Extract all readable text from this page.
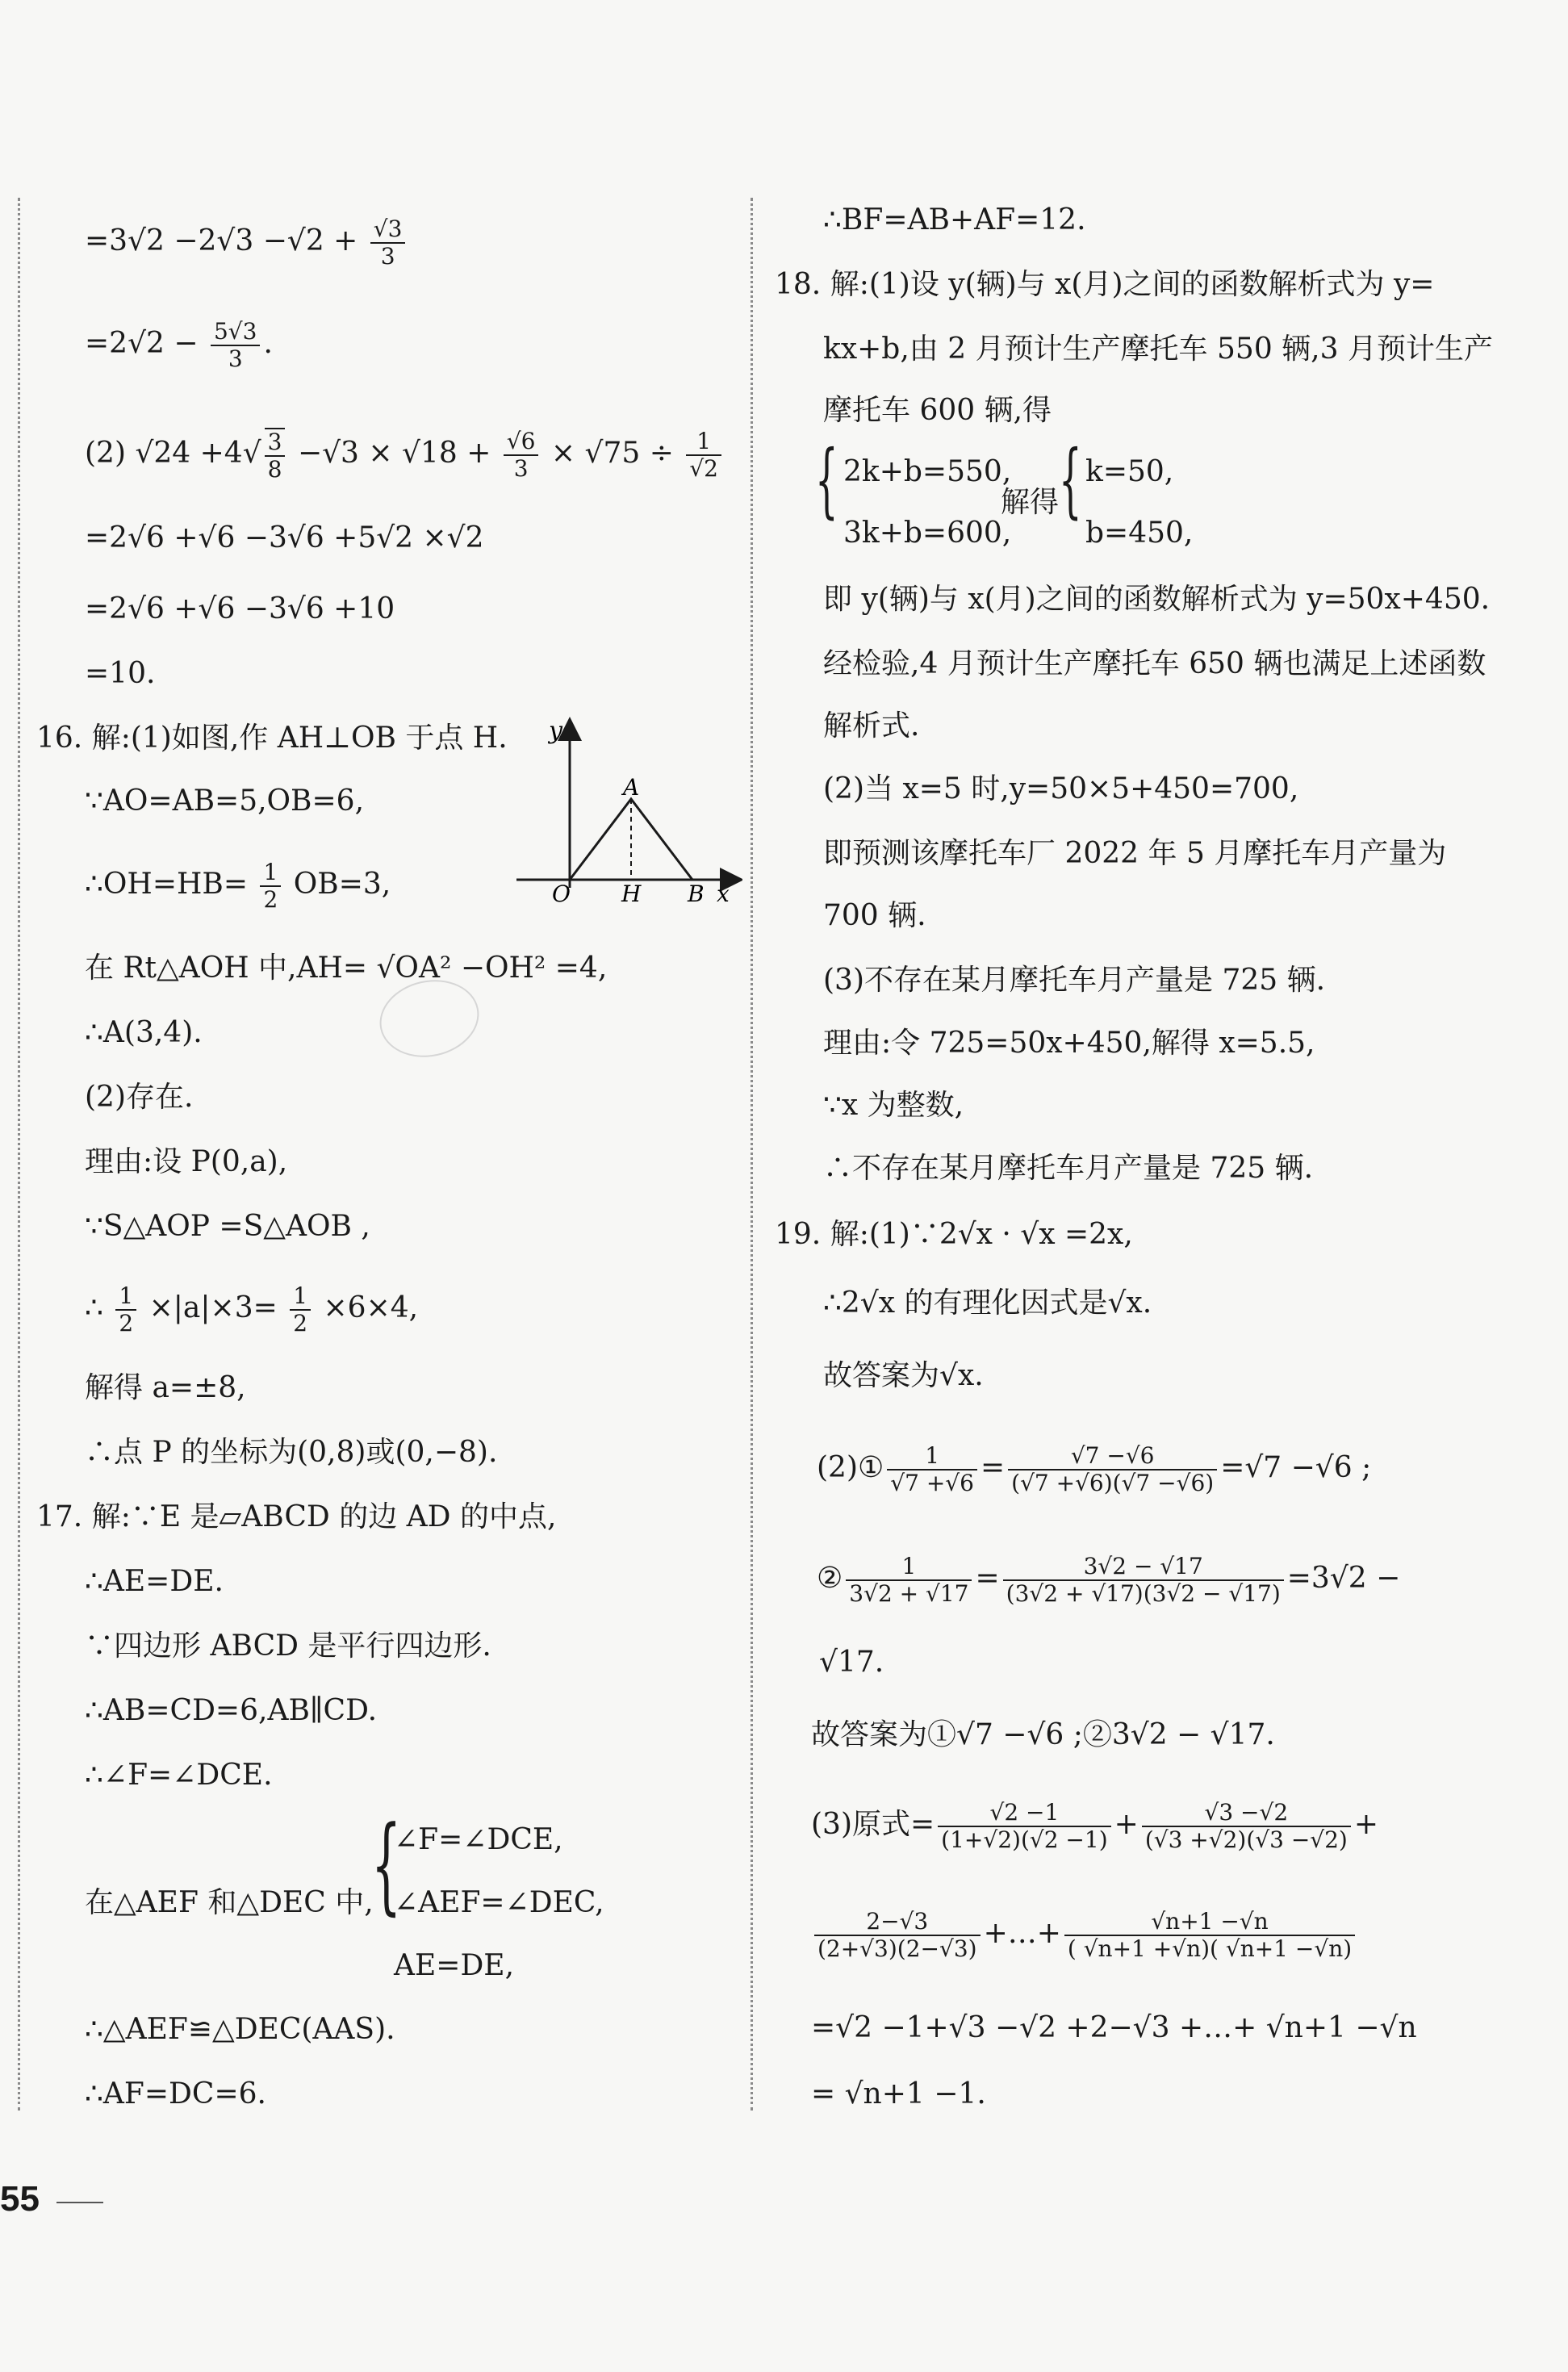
$=3√2 -2√3 -√2 + \frac{√3}{3}$
$=2√2 - \frac{5√3}{3}$ .
(2) $√24 +4√ \frac{3}{8} -√3 \times √18 + \frac{√6}{3} \times √75 \div \frac{1}{√2}$
=2√6 +√6 −3√6 +5√2 ×√2
=2√6 +√6 −3√6 +10
=10.
16. 解:(1)如图,作 AH⊥OB 于点 H.
∵AO=AB=5,OB=6,
∴OH=HB= $\frac{1}{2} OB=3$,
y
x
O H B
A
在 Rt△AOH 中,AH= √OA² −OH² =4,
∴A(3,4).
(2)存在.
理由:设 P(0,a),
∵S△AOP =S△AOB ,
∴ $\frac{1}{2} \times|a|\times 3= \frac{1}{2} \times 6\times 4$,
解得 a=±8,
∴点 P 的坐标为(0,8)或(0,−8).
17. 解:∵E 是▱ABCD 的边 AD 的中点,
∴AE=DE.
∵四边形 ABCD 是平行四边形.
∴AB=CD=6,AB∥CD.
∴∠F=∠DCE.
在△AEF 和△DEC 中,
{
∠F=∠DCE,
∠AEF=∠DEC,
AE=DE,
∴△AEF≌△DEC(AAS).
∴AF=DC=6.
∴BF=AB+AF=12.
18. 解:(1)设 y(辆)与 x(月)之间的函数解析式为 y=
kx+b,由 2 月预计生产摩托车 550 辆,3 月预计生产
摩托车 600 辆,得
{ 2k+b=550,
3k+b=600,
解得 { k=50,
b=450,
即 y(辆)与 x(月)之间的函数解析式为 y=50x+450.
经检验,4 月预计生产摩托车 650 辆也满足上述函数
解析式.
(2)当 x=5 时,y=50×5+450=700,
即预测该摩托车厂 2022 年 5 月摩托车月产量为
700 辆.
(3)不存在某月摩托车月产量是 725 辆.
理由:令 725=50x+450,解得 x=5.5,
∵x 为整数,
∴不存在某月摩托车月产量是 725 辆.
19. 解:(1)∵2√x · √x =2x,
∴2√x 的有理化因式是√x.
故答案为√x.
(2)① $\frac{1}{√7 +√6} = \frac{√7 -√6}{(√7 +√6)(√7 -√6)} =√7 -√6$ ;
② $\frac{1}{3√2 + √17} = \frac{3√2 - √17}{(3√2 + √17)(3√2 - √17)} =3√2$ −
√17.
故答案为①√7 −√6 ;②3√2 − √17.
(3)原式= $\frac{√2 -1}{(1+√2)(√2 -1)} + \frac{√3 -√2}{(√3 +√2)(√3 -√2)}$ +
$\frac{2-√3}{(2+√3)(2-√3)}$ +…+ $\frac{√n+1 -√n}{( √n+1 +√n)( √n+1 -√n)}$
=√2 −1+√3 −√2 +2−√3 +…+ √n+1 −√n
= √n+1 −1.
55
